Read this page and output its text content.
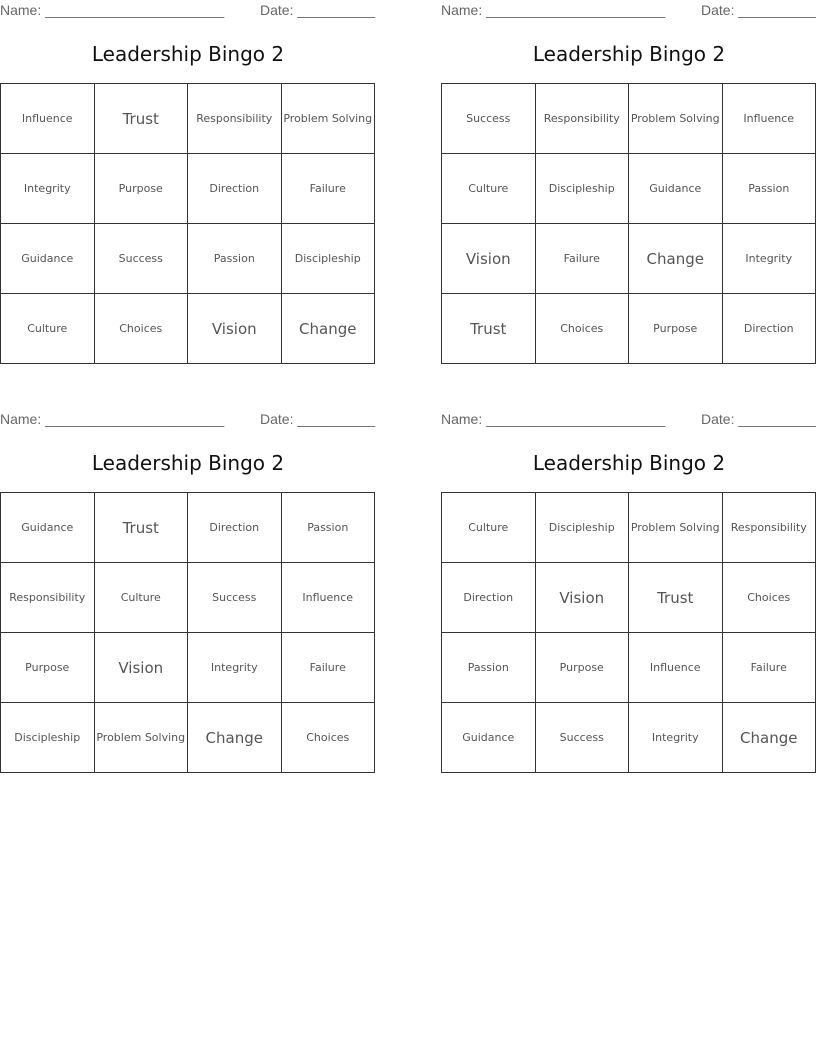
Name: _______________________	Date: __________
Leadership Bingo 2
Influence	Trust	Responsibility	Problem Solving
Integrity	Purpose	Direction	Failure
Guidance	Success	Passion	Discipleship
Culture	Choices	Vision	Change
Name: _______________________	Date: __________
Leadership Bingo 2
Success	Responsibility	Problem Solving	Influence
Culture	Discipleship	Guidance	Passion
Vision	Failure	Change	Integrity
Trust	Choices	Purpose	Direction
Name: _______________________	Date: __________
Leadership Bingo 2
Guidance	Trust	Direction	Passion
Responsibility	Culture	Success	Influence
Purpose	Vision	Integrity	Failure
Discipleship	Problem Solving	Change	Choices
Name: _______________________	Date: __________
Leadership Bingo 2
Culture	Discipleship	Problem Solving	Responsibility
Direction	Vision	Trust	Choices
Passion	Purpose	Influence	Failure
Guidance	Success	Integrity	Change
